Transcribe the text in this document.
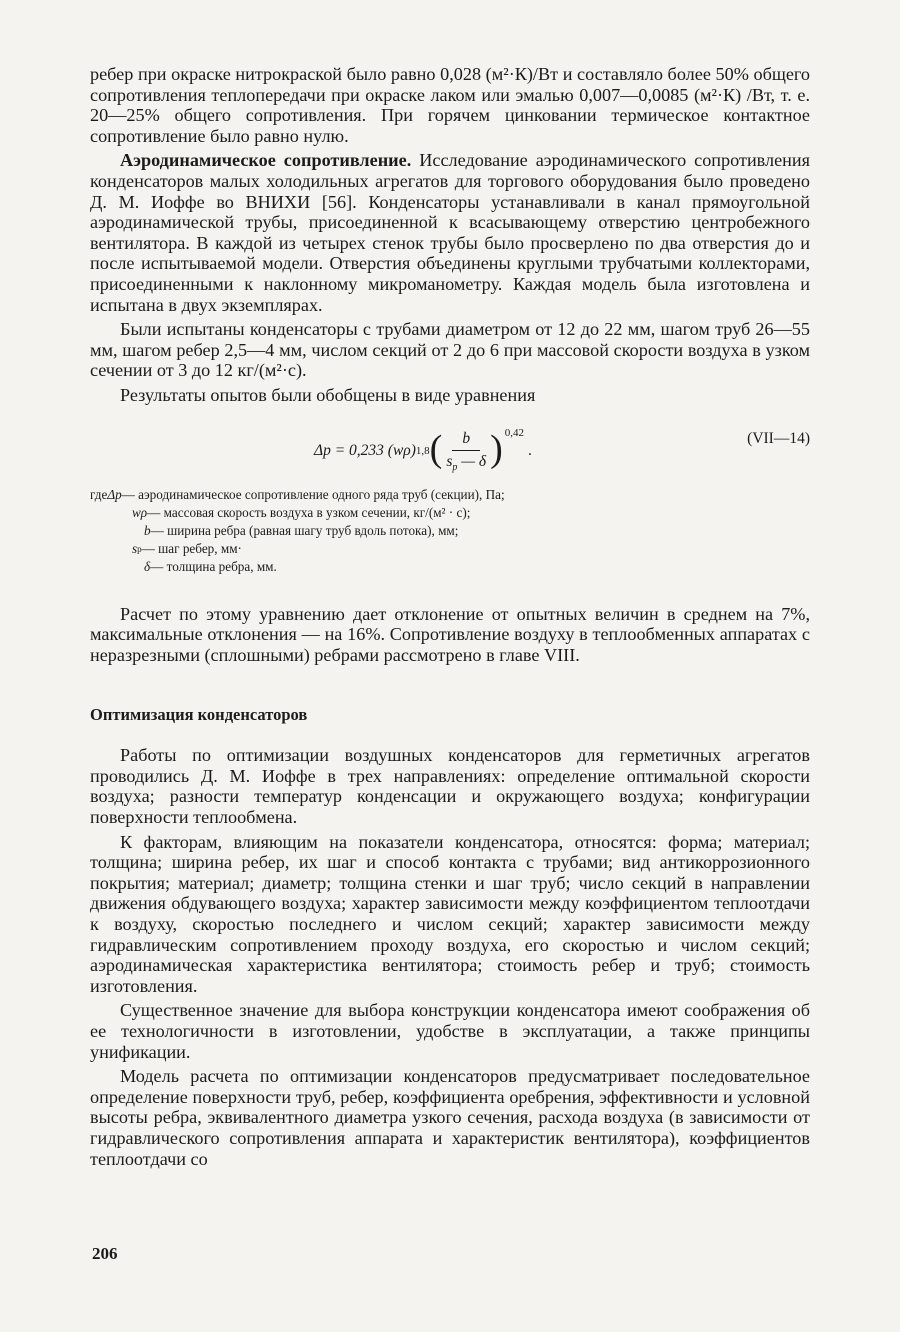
ребер при окраске нитрокраской было равно 0,028 (м²·К)/Вт и составляло более 50% общего сопротивления теплопередачи при окраске лаком или эмалью 0,007—0,0085 (м²·К) /Вт, т. е. 20—25% общего сопротивления. При горячем цинковании термическое контактное сопротивление было равно нулю.

Аэродинамическое сопротивление. Исследование аэродинамического сопротивления конденсаторов малых холодильных агрегатов для торгового оборудования было проведено Д. М. Иоффе во ВНИХИ [56]. Конденсаторы устанавливали в канал прямоугольной аэродинамической трубы, присоединенной к всасывающему отверстию центробежного вентилятора. В каждой из четырех стенок трубы было просверлено по два отверстия до и после испытываемой модели. Отверстия объединены круглыми трубчатыми коллекторами, присоединенными к наклонному микроманометру. Каждая модель была изготовлена и испытана в двух экземплярах.

Были испытаны конденсаторы с трубами диаметром от 12 до 22 мм, шагом труб 26—55 мм, шагом ребер 2,5—4 мм, числом секций от 2 до 6 при массовой скорости воздуха в узком сечении от 3 до 12 кг/(м²·с).

Результаты опытов были обобщены в виде уравнения

Δp = 0,233 (wρ) 1,8 ( $\frac{b}{s_р — \delta}$ ) 0,42
.
(VII—14)
где Δp — аэродинамическое сопротивление одного ряда труб (секции), Па;
wρ — массовая скорость воздуха в узком сечении, кг/(м² · с);
b — ширина ребра (равная шагу труб вдоль потока), мм;
s р — шаг ребер, мм·
δ — толщина ребра, мм.

Расчет по этому уравнению дает отклонение от опытных величин в среднем на 7%, максимальные отклонения — на 16%. Сопротивление воздуху в теплообменных аппаратах с неразрезными (сплошными) ребрами рассмотрено в главе VIII.

Оптимизация конденсаторов

Работы по оптимизации воздушных конденсаторов для герметичных агрегатов проводились Д. М. Иоффе в трех направлениях: определение оптимальной скорости воздуха; разности температур конденсации и окружающего воздуха; конфигурации поверхности теплообмена.

К факторам, влияющим на показатели конденсатора, относятся: форма; материал; толщина; ширина ребер, их шаг и способ контакта с трубами; вид антикоррозионного покрытия; материал; диаметр; толщина стенки и шаг труб; число секций в направлении движения обдувающего воздуха; характер зависимости между коэффициентом теплоотдачи к воздуху, скоростью последнего и числом секций; характер зависимости между гидравлическим сопротивлением проходу воздуха, его скоростью и числом секций; аэродинамическая характеристика вентилятора; стоимость ребер и труб; стоимость изготовления.

Существенное значение для выбора конструкции конденсатора имеют соображения об ее технологичности в изготовлении, удобстве в эксплуатации, а также принципы унификации.

Модель расчета по оптимизации конденсаторов предусматривает последовательное определение поверхности труб, ребер, коэффициента оребрения, эффективности и условной высоты ребра, эквивалентного диаметра узкого сечения, расхода воздуха (в зависимости от гидравлического сопротивления аппарата и характеристик вентилятора), коэффициентов теплоотдачи со

206
